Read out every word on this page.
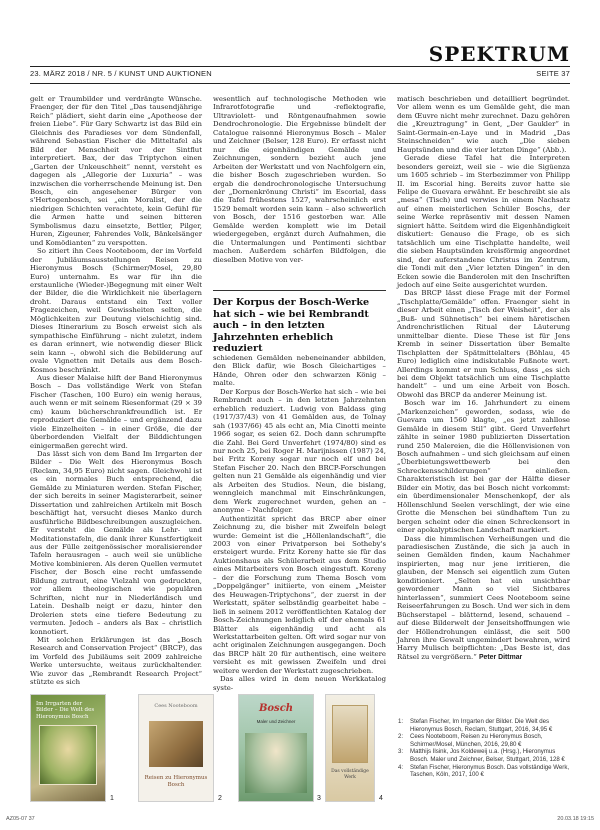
SPEKTRUM
23. MÄRZ 2018 / NR. 5 / KUNST UND AUKTIONEN	SEITE 37

gelt er Traumbilder und verdrängte Wünsche. Fraenger, der für den Titel „Das tausendjährige Reich“ plädiert, sieht darin eine „Apotheose der freien Liebe“. Für Gary Schwartz ist das Bild ein Gleichnis des Paradieses vor dem Sündenfall, während Sebastian Fischer die Mitteltafel als Bild der Menschheit vor der Sintflut interpretiert. Bax, der das Triptychon einen „Garten der Unkeuschheit“ nennt, versteht es dagegen als „Allegorie der Luxuria“ – was inzwischen die vorherrschende Meinung ist. Den Bosch, ein angesehener Bürger von s'Hertogenbosch, sei „ein Moralist, der die niedrigen Schichten verachtete, kein Gefühl für die Armen hatte und seinen bitteren Symbolismus dazu einsetzte, Bettler, Pilger, Huren, Zigeuner, Fahrendes Volk, Bänkelsänger und Komödianten“ zu verspotten.

So zitiert ihn Cees Nooteboom, der im Vorfeld der Jubiläumsausstellungen Reisen zu Hieronymus Bosch (Schirmer/Mosel, 29,80 Euro) unternahm. Es war für ihn die erstaunliche (Wieder-)Begegnung mit einer Welt der Bilder, die die Wirklichkeit nie überlagern droht. Daraus entstand ein Text voller Fragezeichen, weil Gewissheiten selten, die Möglichkeiten zur Deutung vielschichtig sind. Dieses Itinerarium zu Bosch erweist sich als sympathische Einführung – nicht zuletzt, indem es daran erinnert, wie notwendig dieser Blick sein kann –, obwohl sich die Bebilderung auf ovale Vignetten mit Details aus dem Bosch-Kosmos beschränkt.

Aus dieser Malaise hilft der Band Hieronymus Bosch – Das vollständige Werk von Stefan Fischer (Taschen, 100 Euro) ein wenig heraus, auch wenn er mit seinem Riesenformat (29 × 39 cm) kaum bücherschrankfreundlich ist. Er reproduziert die Gemälde – und ergänzend dazu viele Einzelheiten – in einer Größe, die der überbordenden Vielfalt der Bilddichtungen einigermaßen gerecht wird.

Das lässt sich von dem Band Im Irrgarten der Bilder – Die Welt des Hieronymus Bosch (Reclam, 34,95 Euro) nicht sagen. Gleichwohl ist es ein normales Buch entsprechend, die Gemälde zu Miniaturen werden. Stefan Fischer, der sich bereits in seiner Magisterarbeit, seiner Dissertation und zahlreichen Artikeln mit Bosch beschäftigt hat, versucht dieses Manko durch ausführliche Bildbeschreibungen auszugleichen. Er versteht die Gemälde als Lehr- und Meditationstafeln, die dank ihrer Kunstfertigkeit aus der Fülle zeitgenössischer moralisierender Tafeln herausragen – auch weil sie unübliche Motive kombinieren. Als deren Quellen vermutet Fischer, der Bosch eine recht umfassende Bildung zutraut, eine Vielzahl von gedruckten, vor allem theologischen wie populären Schriften, nicht nur in Niederländisch und Latein. Deshalb neigt er dazu, hinter den Drolerien stets eine tiefere Bedeutung zu vermuten. Jedoch – anders als Bax – christlich konnotiert.

Mit solchen Erklärungen ist das „Bosch Research and Conservation Project“ (BRCP), das im Vorfeld des Jubiläums seit 2009 zahlreiche Werke untersuchte, weitaus zurückhaltender. Wie zuvor das „Rembrandt Research Project“ stützte es sich

wesentlich auf technologische Methoden wie Infrarotfotografie und -reflektografie, Ultraviolett- und Röntgenaufnahmen sowie Dendrochronologie. Die Ergebnisse bündelt der Catalogue raisonné Hieronymus Bosch – Maler und Zeichner (Belser, 128 Euro). Er erfasst nicht nur die eigenhändigen Gemälde und Zeichnungen, sondern bezieht auch jene Arbeiten der Werkstatt und von Nachfolgern ein, die bisher Bosch zugeschrieben wurden. So ergab die dendrochronologische Untersuchung der „Dornenkrönung Christi“ im Escorial, dass die Tafel frühestens 1527, wahrscheinlich erst 1529 bemalt worden sein kann – also schwerlich von Bosch, der 1516 gestorben war. Alle Gemälde werden komplett wie im Detail wiedergegeben, ergänzt durch Aufnahmen, die die Untermalungen und Pentimenti sichtbar machen. Außerdem schärfen Bildfolgen, die dieselben Motive von ver-

Der Korpus der Bosch-Werke hat sich – wie bei Rembrandt auch – in den letzten Jahrzehnten erheblich reduziert

schiedenen Gemälden nebeneinander abbilden, den Blick dafür, wie Bosch Gleichartiges – Hände, Ohren oder den schwarzen König – malte.

Der Korpus der Bosch-Werke hat sich – wie bei Rembrandt auch – in den letzten Jahrzehnten erheblich reduziert. Ludwig von Baldass ging (1917/37/43) von 41 Gemälden aus, de Tolnay sah (1937/66) 45 als echt an, Mia Cinotti meinte 1966 sogar, es seien 62. Doch dann schrumpfte die Zahl. Bei Gerd Unverfehrt (1974/80) sind es nur noch 25, bei Roger H. Marijnissen (1987) 24, bei Fritz Koreny sogar nur noch elf und bei Stefan Fischer 20. Nach den BRCP-Forschungen gelten nun 21 Gemälde als eigenhändig und vier als Arbeiten des Studios. Neun, die bislang, wenngleich manchmal mit Einschränkungen, dem Werk zugerechnet wurden, gehen an – anonyme – Nachfolger.

Authentizität spricht das BRCP aber einer Zeichnung zu, die bisher mit Zweifeln belegt wurde: Gemeint ist die „Höllenlandschaft“, die 2003 von einer Privatperson bei Sotheby's ersteigert wurde. Fritz Koreny hatte sie für das Auktionshaus als Schülerarbeit aus dem Studio eines Mitarbeiters von Bosch eingestuft. Koreny – der die Forschung zum Thema Bosch vom „Doppelgänger“ initiierte, von einem „Meister des Heuwagen-Triptychons“, der zuerst in der Werkstatt, später selbständig gearbeitet habe – ließ in seinem 2012 veröffentlichten Katalog der Bosch-Zeichnungen lediglich elf der ehemals 61 Blätter als eigenhändig und acht als Werkstattarbeiten gelten. Oft wird sogar nur von acht originalen Zeichnungen ausgegangen. Doch das BRCP hält 20 für authentisch, eine weitere versieht es mit gewissen Zweifeln und drei weitere werden der Werkstatt zugeschrieben.

Das alles wird in dem neuen Werkkatalog syste-

matisch beschrieben und detailliert begründet. Vor allem wenn es um Gemälde geht, die man dem Œuvre nicht mehr zurechnet. Dazu gehören die „Kreuztragung“ in Gent, „Der Gaukler“ in Saint-Germain-en-Laye und in Madrid „Das Steinschneiden“ wie auch „Die sieben Hauptsünden und die vier letzten Dinge“ (Abb.).

Gerade diese Tafel hat die Interpreten besonders gereizt, weil sie – wie die Sigüenza um 1605 schrieb – im Sterbezimmer von Philipp II. im Escorial hing. Bereits zuvor hatte sie Felipe de Guevara erwähnt. Er beschreibt sie als „mesa“ (Tisch) und verwies in einem Nachsatz auf einen meisterlichen Schüler Boschs, der seine Werke repräsentiv mit dessen Namen signiert hätte. Seitdem wird die Eigenhändigkeit diskutiert: Genauso die Frage, ob es sich tatsächlich um eine Tischplatte handelte, weil die sieben Hauptsünden kreisförmig angeordnet sind, der auferstandene Christus im Zentrum, die Tondi mit den „Vier letzten Dingen“ in den Ecken sowie die Banderolen mit den Inschriften jedoch auf eine Seite ausgerichtet wurden.

Das BRCP lässt diese Frage mit der Formel „Tischplatte/Gemälde“ offen. Fraenger sieht in dieser Arbeit einen „Tisch der Weisheit“, der als „Buß- und Sühnetisch“ bei einem häretischen Andrenchristlichen Ritual der Läuterung unmittelbar diente. Diese These ist für Jens Kremb in seiner Dissertation über Bemalte Tischplatten der Spätmittelalters (Böhlau, 45 Euro) lediglich eine indiskutable Fußnote wert. Allerdings kommt er nun Schluss, dass „es sich bei dem Objekt tatsächlich um eine Tischplatte handelt“ – und um eine Arbeit von Bosch. Obwohl das BRCP da anderer Meinung ist.

Bosch war im 16. Jahrhundert zu einem „Markenzeichen“ geworden, sodass, wie de Guevara um 1560 klagte, „es jetzt zahllose Gemälde in diesem Stil“ gibt. Gerd Unverfehrt zählte in seiner 1980 publizierten Dissertation rund 250 Malereien, die die Höllenvisionen von Bosch aufnahmen – und sich gleichsam auf einen „Überbietungswettbewerb bei den Schreckensschilderungen“ einließen. Charakteristisch ist bei gar der Hälfte dieser Bilder ein Motiv, das bei Bosch nicht vorkommt: ein überdimensionaler Menschenkopf, der als Höllenschlund Seelen verschlingt, der wie eine Grotte die Menschen bei sündhaftem Tun zu bergen scheint oder die einen Schreckensort in einer apokalyptischen Landschaft markiert.

Dass die himmlischen Verheißungen und die paradiesischen Zustände, die sich ja auch in seinen Gemälden finden, kaum Nachahmer inspirierten, mag nur jene irritieren, die glauben, der Mensch sei eigentlich zum Guten konditioniert. „Selten hat ein unsichtbar gewordener Mann so viel Sichtbares hinterlassen“, summiert Cees Nooteboom seine Reiseerfahrungen zu Bosch. Und wer sich in dem Büchserstapel – blätternd, lesend, schauend – auf diese Bilderwelt der Jenseitshoffnungen wie der Höllendrohungen einlässt, die seit 500 Jahren ihre Gewalt ungemindert bewahren, wird Harry Mulisch beipflichten: „Das Beste ist, das Rätsel zu vergrößern.“ Peter Dittmar

Im Irrgarten der Bilder – Die Welt des Hieronymus Bosch
1
Cees Nooteboom
Reisen zu Hieronymus Bosch
2
Bosch
Maler und Zeichner
3
Das vollständige Werk
4
1: Stefan Fischer, Im Irrgarten der Bilder. Die Welt des Hieronymus Bosch, Reclam, Stuttgart, 2016, 34,95 €
2: Cees Nooteboom, Reisen zu Hieronymus Bosch, Schirmer/Mosel, München, 2016, 29,80 €
3: Matthijs Ilsink, Jos Koldeweij u.a. (Hrsg.), Hieronymus Bosch. Maler und Zeichner, Belser, Stuttgart, 2016, 128 €
4: Stefan Fischer, Hieronymus Bosch. Das vollständige Werk, Taschen, Köln, 2017, 100 €
AZ05-07 37	20.03.18 19:15
